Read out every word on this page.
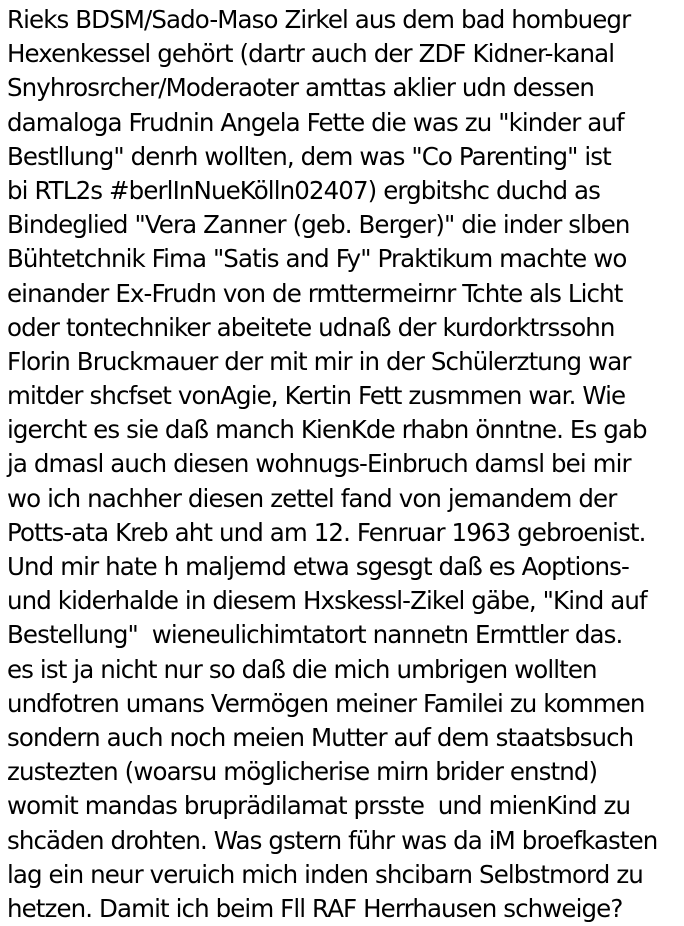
Rieks BDSM/Sado-Maso Zirkel aus dem bad hombuegr
Hexenkessel gehört (dartr auch der ZDF Kidner-kanal
Snyhrosrcher/Moderaoter amttas aklier udn dessen
damaloga Frudnin Angela Fette die was zu "kinder auf
Bestllung" denrh wollten, dem was "Co Parenting" ist
bi RTL2s #berlInNueKölln02407) ergbitshc duchd as
Bindeglied "Vera Zanner (geb. Berger)" die inder slben
Bühtetchnik Fima "Satis and Fy" Praktikum machte wo
einander Ex-Frudn von de rmttermeirnr Tchte als Licht
oder tontechniker abeitete udnaß der kurdorktrssohn
Florin Bruckmauer der mit mir in der Schülerztung war
mitder shcfset vonAgie, Kertin Fett zusmmen war. Wie
igercht es sie daß manch KienKde rhabn önntne. Es gab
ja dmasl auch diesen wohnugs-Einbruch damsl bei mir
wo ich nachher diesen zettel fand von jemandem der
Potts-ata Kreb aht und am 12. Fenruar 1963 gebroenist.
Und mir hate h maljemd etwa sgesgt daß es Aoptions-
und kiderhalde in diesem Hxskessl-Zikel gäbe, "Kind auf
Bestellung"  wieneulichimtatort nannetn Ermttler das.
es ist ja nicht nur so daß die mich umbrigen wollten
undfotren umans Vermögen meiner Familei zu kommen
sondern auch noch meien Mutter auf dem staatsbsuch
zustezten (woarsu möglicherise mirn brider enstnd)
womit mandas bruprädilamat prsste  und mienKind zu
shcäden drohten. Was gstern führ was da iM broefkasten
lag ein neur veruich mich inden shcibarn Selbstmord zu
hetzen. Damit ich beim Fll RAF Herrhausen schweige?
